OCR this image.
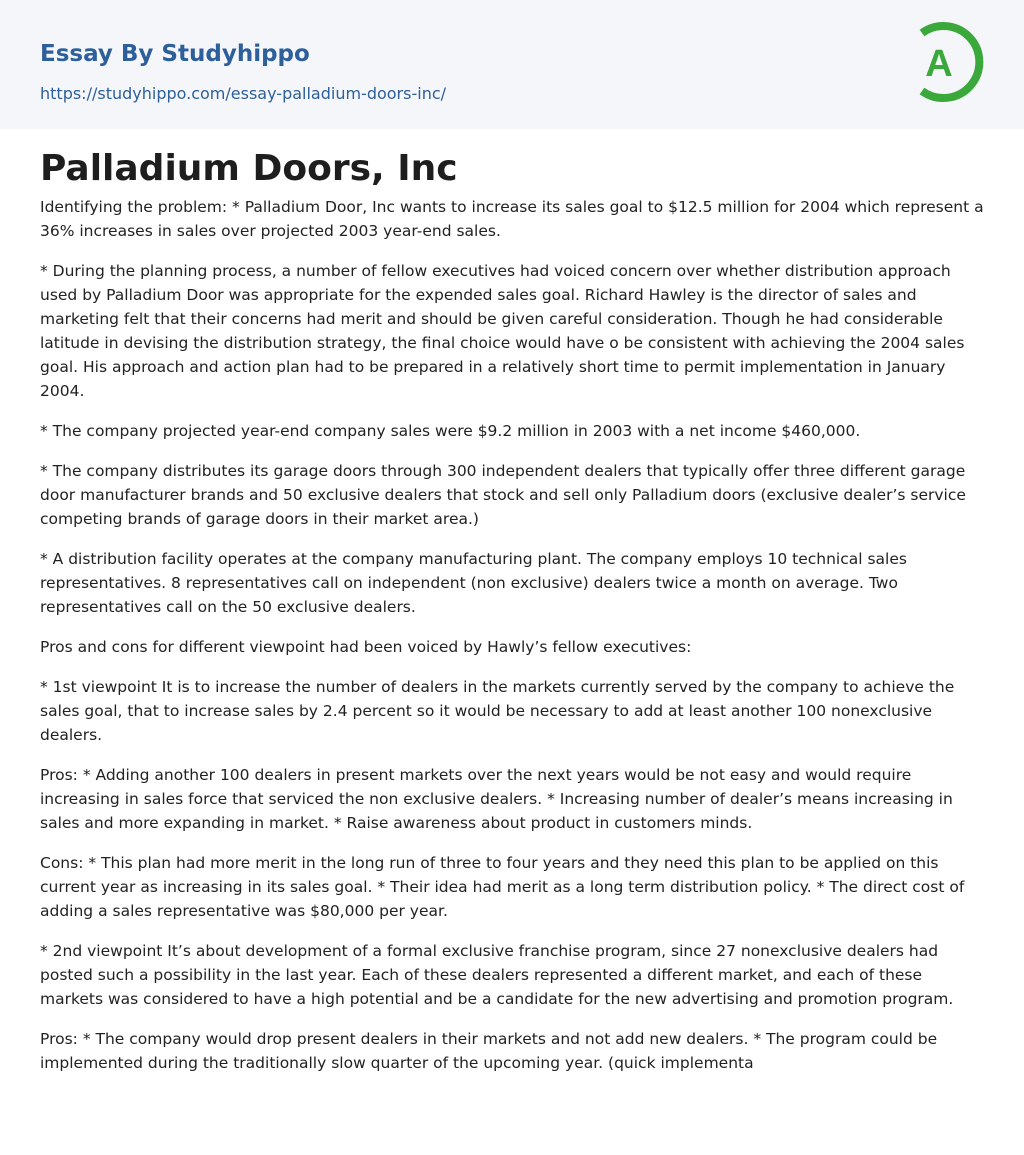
Essay By Studyhippo
https://studyhippo.com/essay-palladium-doors-inc/
A
Palladium Doors, Inc

Identifying the problem: * Palladium Door, Inc wants to increase its sales goal to $12.5 million for 2004 which represent a 36% increases in sales over projected 2003 year-end sales.

* During the planning process, a number of fellow executives had voiced concern over whether distribution approach used by Palladium Door was appropriate for the expended sales goal. Richard Hawley is the director of sales and marketing felt that their concerns had merit and should be given careful consideration. Though he had considerable latitude in devising the distribution strategy, the final choice would have o be consistent with achieving the 2004 sales goal. His approach and action plan had to be prepared in a relatively short time to permit implementation in January 2004.

* The company projected year-end company sales were $9.2 million in 2003 with a net income $460,000.

* The company distributes its garage doors through 300 independent dealers that typically offer three different garage door manufacturer brands and 50 exclusive dealers that stock and sell only Palladium doors (exclusive dealer’s service competing brands of garage doors in their market area.)

* A distribution facility operates at the company manufacturing plant. The company employs 10 technical sales representatives. 8 representatives call on independent (non exclusive) dealers twice a month on average. Two representatives call on the 50 exclusive dealers.

Pros and cons for different viewpoint had been voiced by Hawly’s fellow executives:

* 1st viewpoint It is to increase the number of dealers in the markets currently served by the company to achieve the sales goal, that to increase sales by 2.4 percent so it would be necessary to add at least another 100 nonexclusive dealers.

Pros: * Adding another 100 dealers in present markets over the next years would be not easy and would require increasing in sales force that serviced the non exclusive dealers. * Increasing number of dealer’s means increasing in sales and more expanding in market. * Raise awareness about product in customers minds.

Cons: * This plan had more merit in the long run of three to four years and they need this plan to be applied on this current year as increasing in its sales goal. * Their idea had merit as a long term distribution policy. * The direct cost of adding a sales representative was $80,000 per year.

* 2nd viewpoint It’s about development of a formal exclusive franchise program, since 27 nonexclusive dealers had posted such a possibility in the last year. Each of these dealers represented a different market, and each of these markets was considered to have a high potential and be a candidate for the new advertising and promotion program.

Pros: * The company would drop present dealers in their markets and not add new dealers. * The program could be implemented during the traditionally slow quarter of the upcoming year. (quick implementa
